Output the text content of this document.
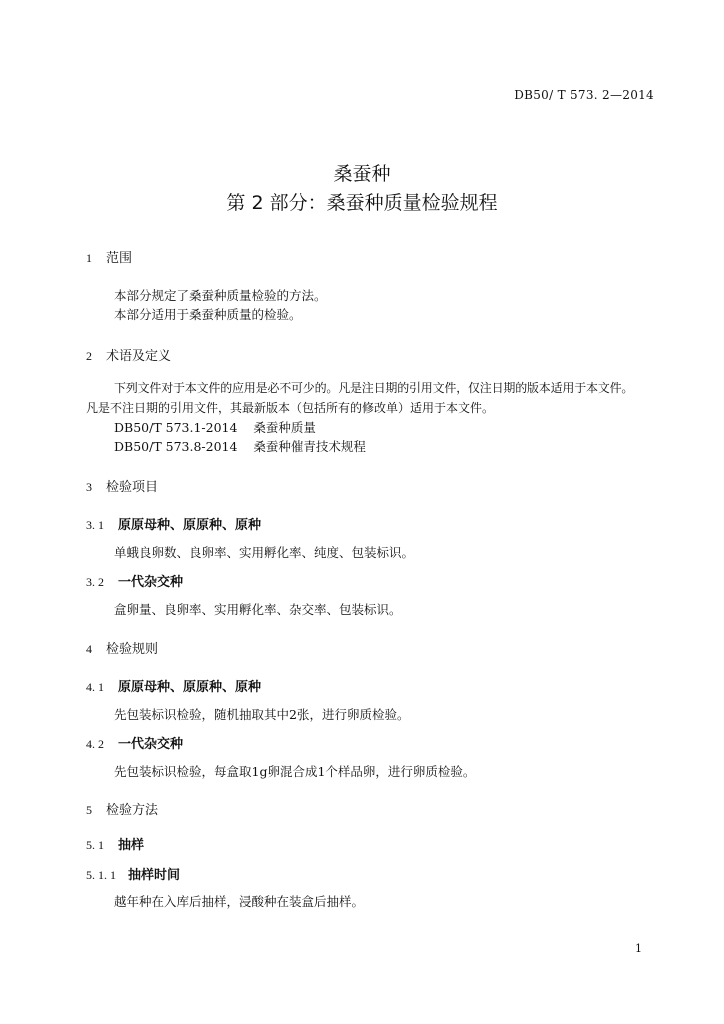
DB50/ T 573. 2—2014
桑蚕种
第 2 部分：桑蚕种质量检验规程
1 范围
本部分规定了桑蚕种质量检验的方法。
本部分适用于桑蚕种质量的检验。
2 术语及定义
下列文件对于本文件的应用是必不可少的。凡是注日期的引用文件，仅注日期的版本适用于本文件。
凡是不注日期的引用文件，其最新版本（包括所有的修改单）适用于本文件。
DB50/T 573.1-2014    桑蚕种质量
DB50/T 573.8-2014    桑蚕种催青技术规程
3 检验项目
3. 1 原原母种、原原种、原种
单蛾良卵数、良卵率、实用孵化率、纯度、包装标识。
3. 2 一代杂交种
盒卵量、良卵率、实用孵化率、杂交率、包装标识。
4 检验规则
4. 1 原原母种、原原种、原种
先包装标识检验，随机抽取其中2张，进行卵质检验。
4. 2 一代杂交种
先包装标识检验，每盒取1g卵混合成1个样品卵，进行卵质检验。
5 检验方法
5. 1 抽样
5. 1. 1 抽样时间
越年种在入库后抽样，浸酸种在装盒后抽样。
1
